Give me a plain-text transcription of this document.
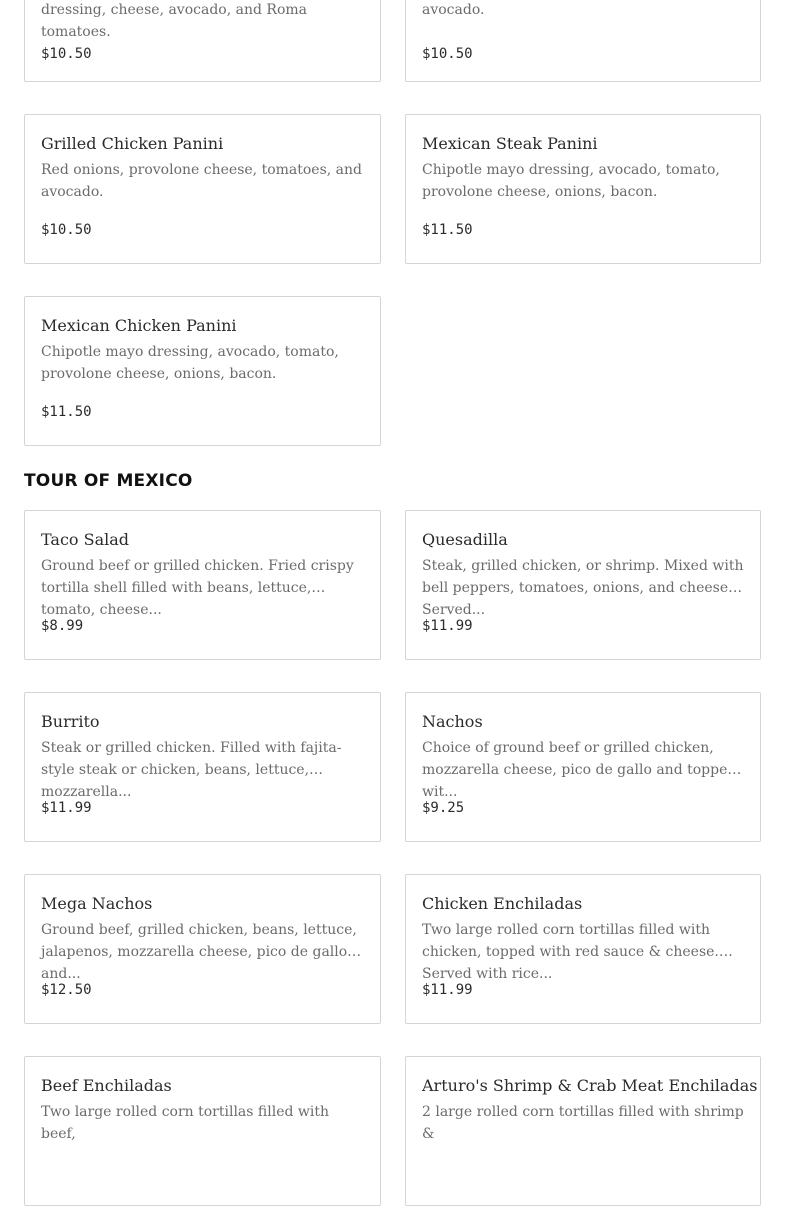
dressing, cheese, avocado, and Roma tomatoes.
$10.50
avocado.
$10.50
Grilled Chicken Panini
Red onions, provolone cheese, tomatoes, and avocado.
$10.50
Mexican Steak Panini
Chipotle mayo dressing, avocado, tomato, provolone cheese, onions, bacon.
$11.50
Mexican Chicken Panini
Chipotle mayo dressing, avocado, tomato, provolone cheese, onions, bacon.
$11.50
TOUR OF MEXICO
Taco Salad
Ground beef or grilled chicken. Fried crispy tortilla shell filled with beans, lettuce, tomato, cheese...
$8.99
Quesadilla
Steak, grilled chicken, or shrimp. Mixed with bell peppers, tomatoes, onions, and cheese. Served...
$11.99
Burrito
Steak or grilled chicken. Filled with fajita-style steak or chicken, beans, lettuce, mozzarella...
$11.99
Nachos
Choice of ground beef or grilled chicken, mozzarella cheese, pico de gallo and topped wit...
$9.25
Mega Nachos
Ground beef, grilled chicken, beans, lettuce, jalapenos, mozzarella cheese, pico de gallo, and...
$12.50
Chicken Enchiladas
Two large rolled corn tortillas filled with chicken, topped with red sauce & cheese. Served with rice...
$11.99
Beef Enchiladas
Two large rolled corn tortillas filled with beef,
Arturo's Shrimp & Crab Meat Enchiladas
2 large rolled corn tortillas filled with shrimp &
